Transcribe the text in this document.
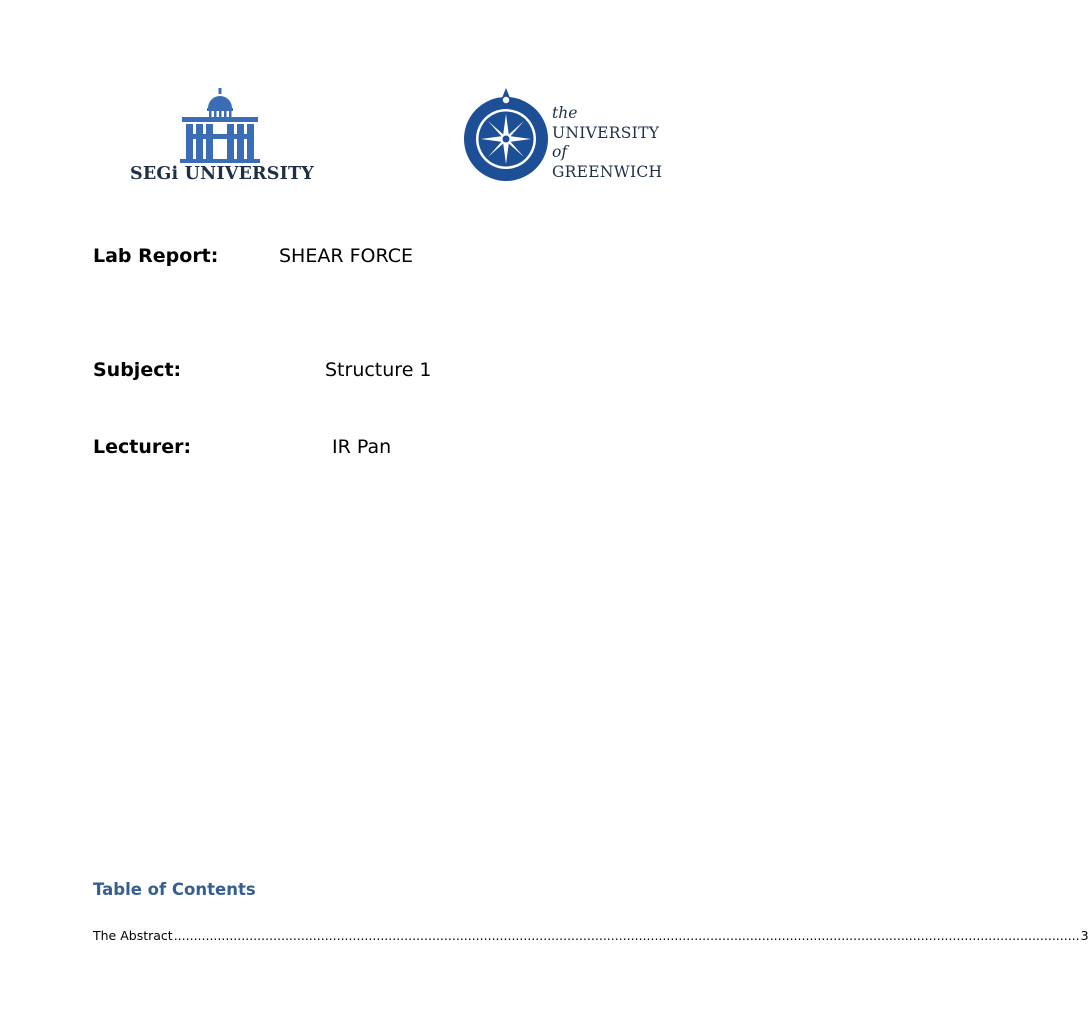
SEGi UNIVERSITY
the
UNIVERSITY
of
GREENWICH
Lab Report:	SHEAR FORCE
Subject:	Structure 1
Lecturer:	IR Pan
Table of Contents
The Abstract .................................................................................................................................................................................................................................... 3
